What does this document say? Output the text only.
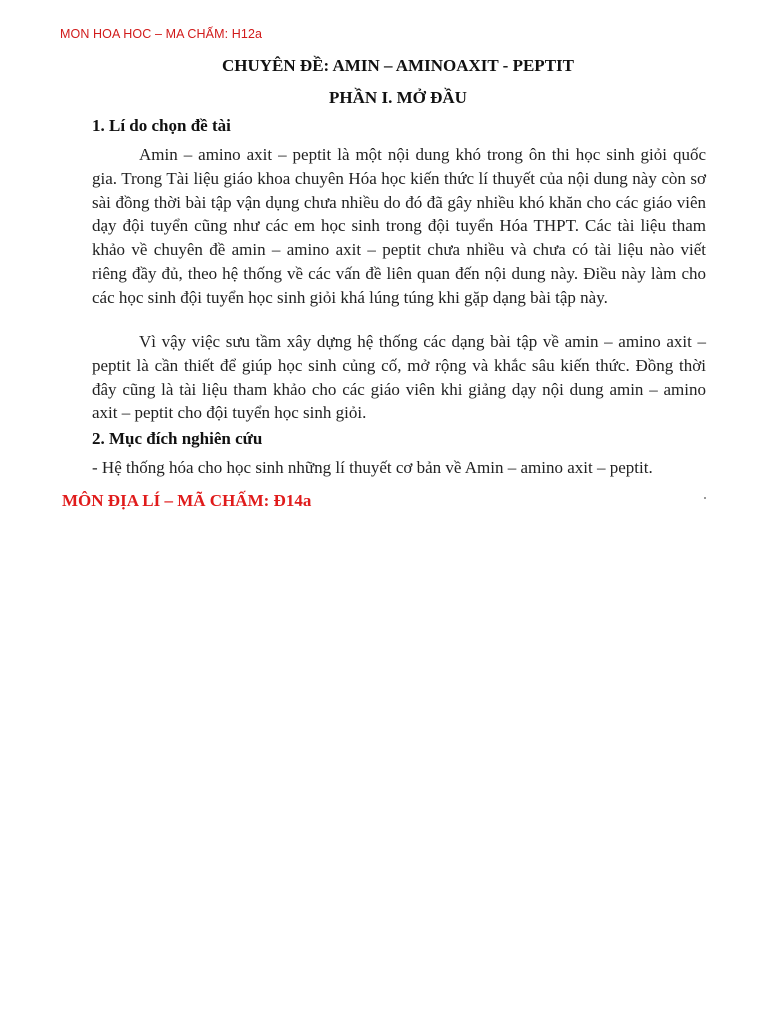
MON HOA HOC – MA CHẤM: H12a
CHUYÊN ĐỀ: AMIN – AMINOAXIT - PEPTIT
PHẦN I. MỞ ĐẦU
1. Lí do chọn đề tài
Amin – amino axit – peptit là một nội dung khó trong ôn thi học sinh giỏi quốc gia. Trong Tài liệu giáo khoa chuyên Hóa học kiến thức lí thuyết của nội dung này còn sơ sài đồng thời bài tập vận dụng chưa nhiều do đó đã gây nhiều khó khăn cho các giáo viên dạy đội tuyển cũng như các em học sinh trong đội tuyển Hóa THPT. Các tài liệu tham khảo về chuyên đề amin – amino axit – peptit chưa nhiều và chưa có tài liệu nào viết riêng đầy đủ, theo hệ thống về các vấn đề liên quan đến nội dung này. Điều này làm cho các học sinh đội tuyển học sinh giỏi khá lúng túng khi gặp dạng bài tập này.
Vì vậy việc sưu tầm xây dựng hệ thống các dạng bài tập về amin – amino axit – peptit là cần thiết để giúp học sinh củng cố, mở rộng và khắc sâu kiến thức. Đồng thời đây cũng là tài liệu tham khảo cho các giáo viên khi giảng dạy nội dung amin – amino axit – peptit cho đội tuyển học sinh giỏi.
2. Mục đích nghiên cứu
- Hệ thống hóa cho học sinh những lí thuyết cơ bản về Amin – amino axit – peptit.
MÔN ĐỊA LÍ – MÃ CHẤM: Đ14a
